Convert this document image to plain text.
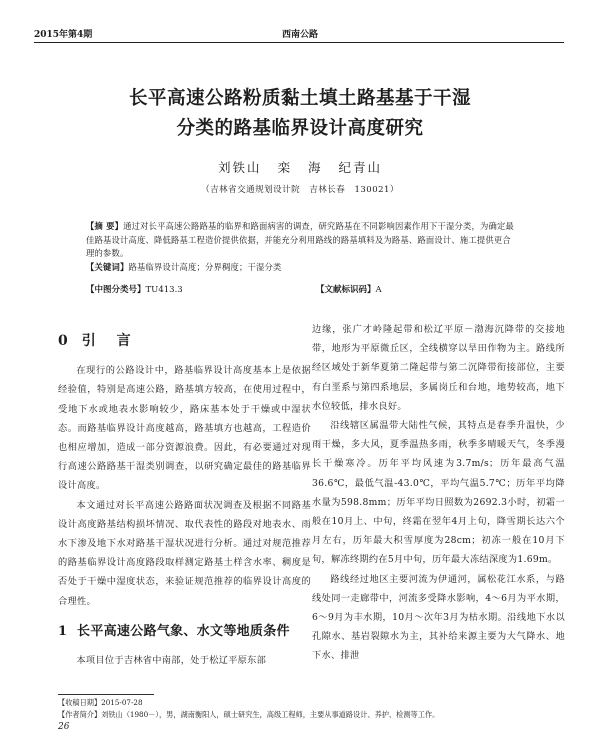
2015年第4期	西南公路
长平高速公路粉质黏土填土路基基于干湿
分类的路基临界设计高度研究
刘铁山 栾 海 纪青山
（吉林省交通规划设计院 吉林长春 130021）

【摘 要】通过对长平高速公路路基的临界和路面病害的调查，研究路基在不同影响因素作用下干湿分类，为确定最佳路基设计高度、降低路基工程造价提供依据，并能充分利用路线的路基填料及为路基、路面设计、施工提供更合理的参数。

【关键词】路基临界设计高度；分界稠度；干湿分类

【中图分类号】TU413.3	【文献标识码】A
0 引 言

在现行的公路设计中，路基临界设计高度基本上是依据经验值，特别是高速公路，路基填方较高，在使用过程中，受地下水或地表水影响较少，路床基本处于干燥或中湿状态。而路基临界设计高度越高，路基填方也越高，工程造价也相应增加，造成一部分资源浪费。因此，有必要通过对现行高速公路路基干湿类别调查，以研究确定最佳的路基临界设计高度。

本文通过对长平高速公路路面状况调查及根据不同路基设计高度路基结构损坏情况、取代表性的路段对地表水、雨水下渗及地下水对路基干湿状况进行分析。通过对规范推荐的路基临界设计高度路段取样测定路基土样含水率、稠度是否处于干燥中湿度状态，来验证规范推荐的临界设计高度的合理性。

1 长平高速公路气象、水文等地质条件

本项目位于吉林省中南部，处于松辽平原东部

边缘，张广才岭隆起带和松辽平原－渤海沉降带的交接地带，地形为平原微丘区，全线横穿以旱田作物为主。路线所经区域处于新华夏第二隆起带与第二沉降带衔接部位，主要有白垩系与第四系地层，多属岗丘和台地，地势较高，地下水位较低，排水良好。

沿线辖区属温带大陆性气候，其特点是春季升温快，少雨干燥，多大风，夏季温热多雨，秋季多晴暖天气，冬季漫长干燥寒冷。历年平均风速为3.7m/s；历年最高气温36.6℃，最低气温-43.0℃，平均气温5.7℃；历年平均降水量为598.8mm；历年平均日照数为2692.3小时，初霜一般在10月上、中旬，终霜在翌年4月上旬，降雪期长达六个月左右，历年最大积雪厚度为28cm；初冻一般在10月下旬，解冻终期约在5月中旬，历年最大冻结深度为1.69m。

路线经过地区主要河流为伊通河，属松花江水系，与路线处同一走廊带中，河流多受降水影响，4～6月为平水期，6～9月为丰水期，10月～次年3月为枯水期。沿线地下水以孔隙水、基岩裂隙水为主，其补给来源主要为大气降水、地下水、排泄

【收稿日期】2015-07-28
【作者简介】刘铁山（1980－），男，湖南衡阳人，硕士研究生，高级工程师，主要从事道路设计、养护、检测等工作。
26
